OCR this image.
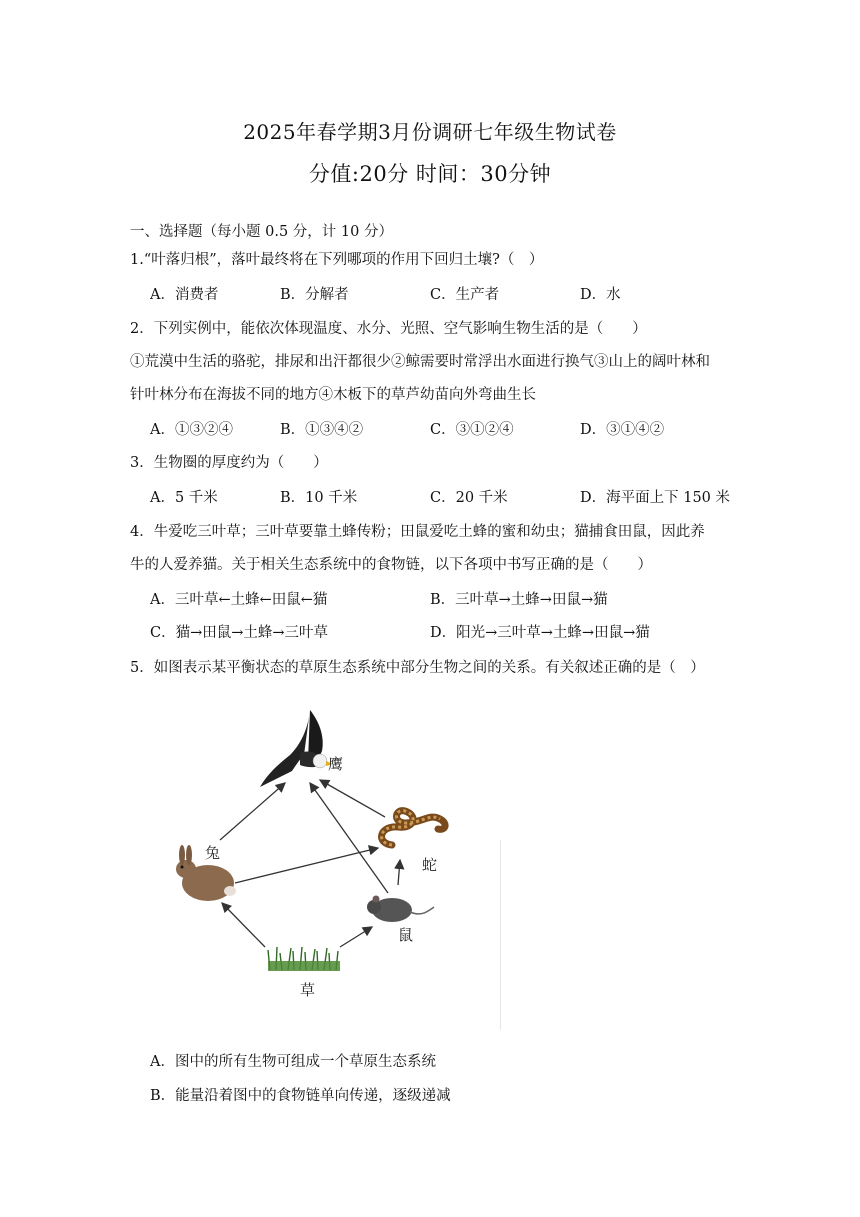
2025年春学期3月份调研七年级生物试卷
分值:20分 时间：30分钟
一、选择题（每小题 0.5 分，计 10 分）
1.“叶落归根”，落叶最终将在下列哪项的作用下回归土壤?（　）
A．消费者	B．分解者	C．生产者	D．水
2．下列实例中，能依次体现温度、水分、光照、空气影响生物生活的是（　　）
①荒漠中生活的骆驼，排尿和出汗都很少②鲸需要时常浮出水面进行换气③山上的阔叶林和
针叶林分布在海拔不同的地方④木板下的草芦幼苗向外弯曲生长
A．①③②④	B．①③④②	C．③①②④	D．③①④②
3．生物圈的厚度约为（　　）
A．5 千米	B．10 千米	C．20 千米	D．海平面上下 150 米
4．牛爱吃三叶草；三叶草要靠土蜂传粉；田鼠爱吃土蜂的蜜和幼虫；猫捕食田鼠，因此养
牛的人爱养猫。关于相关生态系统中的食物链，以下各项中书写正确的是（　　）
A．三叶草←土蜂←田鼠←猫	B．三叶草→土蜂→田鼠→猫
C．猫→田鼠→土蜂→三叶草	D．阳光→三叶草→土蜂→田鼠→猫
5．如图表示某平衡状态的草原生态系统中部分生物之间的关系。有关叙述正确的是（　）
鹰
兔
蛇
鼠
草
A．图中的所有生物可组成一个草原生态系统
B．能量沿着图中的食物链单向传递，逐级递减
